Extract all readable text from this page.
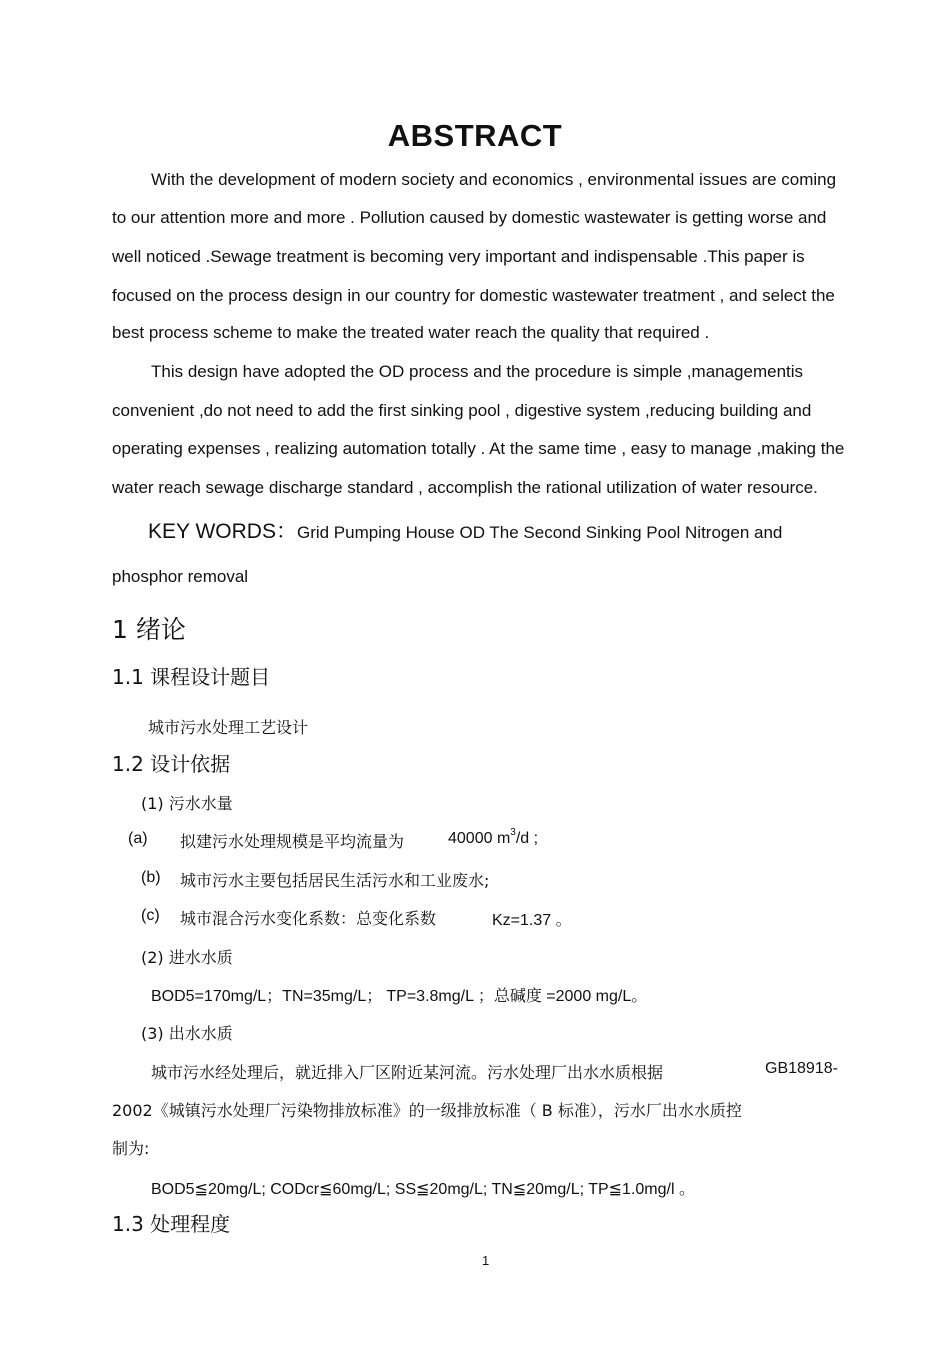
ABSTRACT
With the development of modern society and economics , environmental issues are coming
to our attention more and more . Pollution caused by domestic wastewater is getting worse and
well noticed .Sewage treatment is becoming very important and indispensable .This paper is
focused on the process design in our country for domestic wastewater treatment , and select the
best process scheme to make the treated water reach the quality that required .
This design have adopted the OD process and the procedure is simple ,managementis
convenient ,do not need to add the first sinking pool , digestive system ,reducing building and
operating expenses , realizing automation totally . At the same time , easy to manage ,making the
water reach sewage discharge standard , accomplish the rational utilization of water resource.
KEY WORDS：Grid Pumping House OD The Second Sinking Pool Nitrogen and
phosphor removal
1 绪论
1.1 课程设计题目
城市污水处理工艺设计
1.2 设计依据
(1) 污水水量
(a) 拟建污水处理规模是平均流量为	40000 $m^3/d$ ;
(b) 城市污水主要包括居民生活污水和工业废水;
(c) 城市混合污水变化系数：总变化系数	Kz=1.37 。
(2) 进水水质
BOD5=170mg/L；TN=35mg/L； TP=3.8mg/L ；总碱度 =2000 mg/L。
(3) 出水水质
城市污水经处理后，就近排入厂区附近某河流。污水处理厂出水水质根据	GB18918-
2002《城镇污水处理厂污染物排放标准》的一级排放标准（ B 标准），污水厂出水水质控
制为:
BOD5≦20mg/L; CODcr≦60mg/L; SS≦20mg/L; TN≦20mg/L; TP≦1.0mg/l 。
1.3 处理程度
1
